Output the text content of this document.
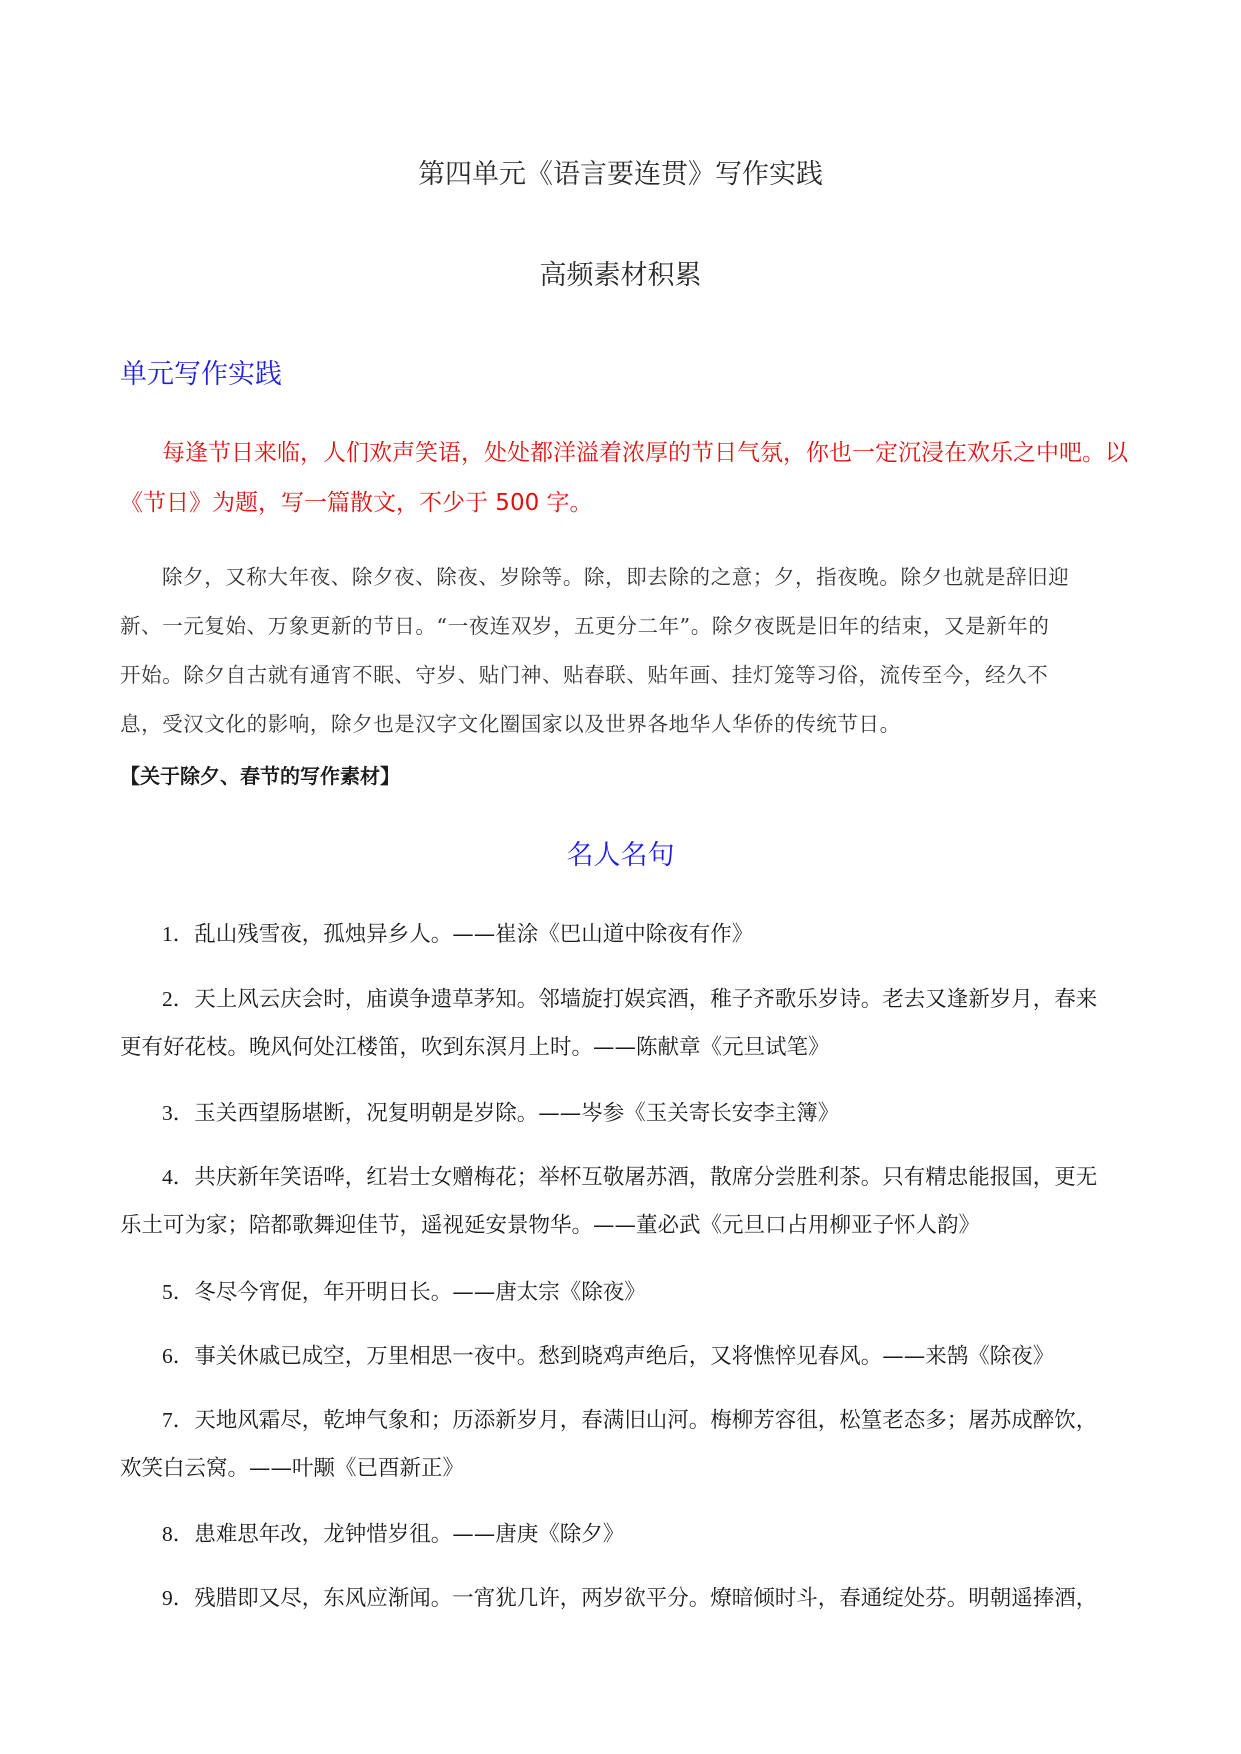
第四单元《语言要连贯》写作实践
高频素材积累
单元写作实践
每逢节日来临，人们欢声笑语，处处都洋溢着浓厚的节日气氛，你也一定沉浸在欢乐之中吧。以
《节日》为题，写一篇散文，不少于 500 字。
除夕，又称大年夜、除夕夜、除夜、岁除等。除，即去除的之意；夕，指夜晚。除夕也就是辞旧迎
新、一元复始、万象更新的节日。“一夜连双岁，五更分二年”。除夕夜既是旧年的结束，又是新年的
开始。除夕自古就有通宵不眠、守岁、贴门神、贴春联、贴年画、挂灯笼等习俗，流传至今，经久不
息，受汉文化的影响，除夕也是汉字文化圈国家以及世界各地华人华侨的传统节日。
【关于除夕、春节的写作素材】
名人名句
1．乱山残雪夜，孤烛异乡人。——崔涂《巴山道中除夜有作》
2．天上风云庆会时，庙谟争遗草茅知。邻墙旋打娱宾酒，稚子齐歌乐岁诗。老去又逢新岁月，春来
更有好花枝。晚风何处江楼笛，吹到东溟月上时。——陈献章《元旦试笔》
3．玉关西望肠堪断，况复明朝是岁除。——岑参《玉关寄长安李主簿》
4．共庆新年笑语哗，红岩士女赠梅花；举杯互敬屠苏酒，散席分尝胜利茶。只有精忠能报国，更无
乐土可为家；陪都歌舞迎佳节，遥视延安景物华。——董必武《元旦口占用柳亚子怀人韵》
5．冬尽今宵促，年开明日长。——唐太宗《除夜》
6．事关休戚已成空，万里相思一夜中。愁到晓鸡声绝后，又将憔悴见春风。——来鹄《除夜》
7．天地风霜尽，乾坤气象和；历添新岁月，春满旧山河。梅柳芳容徂，松篁老态多；屠苏成醉饮，
欢笑白云窝。——叶颙《已酉新正》
8．患难思年改，龙钟惜岁徂。——唐庚《除夕》
9．残腊即又尽，东风应渐闻。一宵犹几许，两岁欲平分。燎暗倾时斗，春通绽处芬。明朝遥捧酒，
